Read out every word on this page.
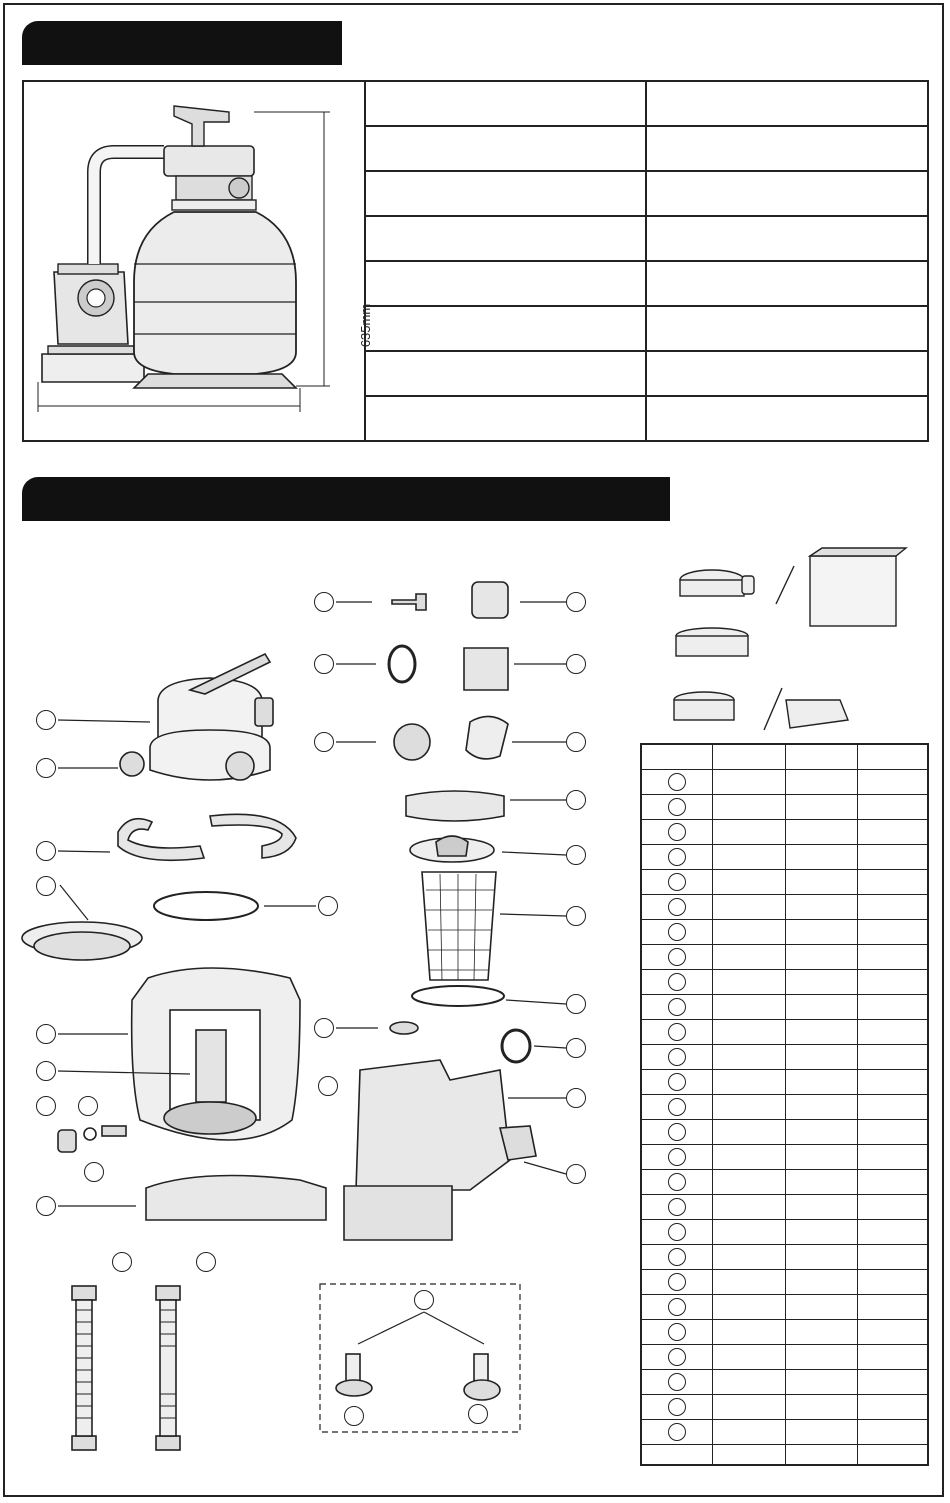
635mm
